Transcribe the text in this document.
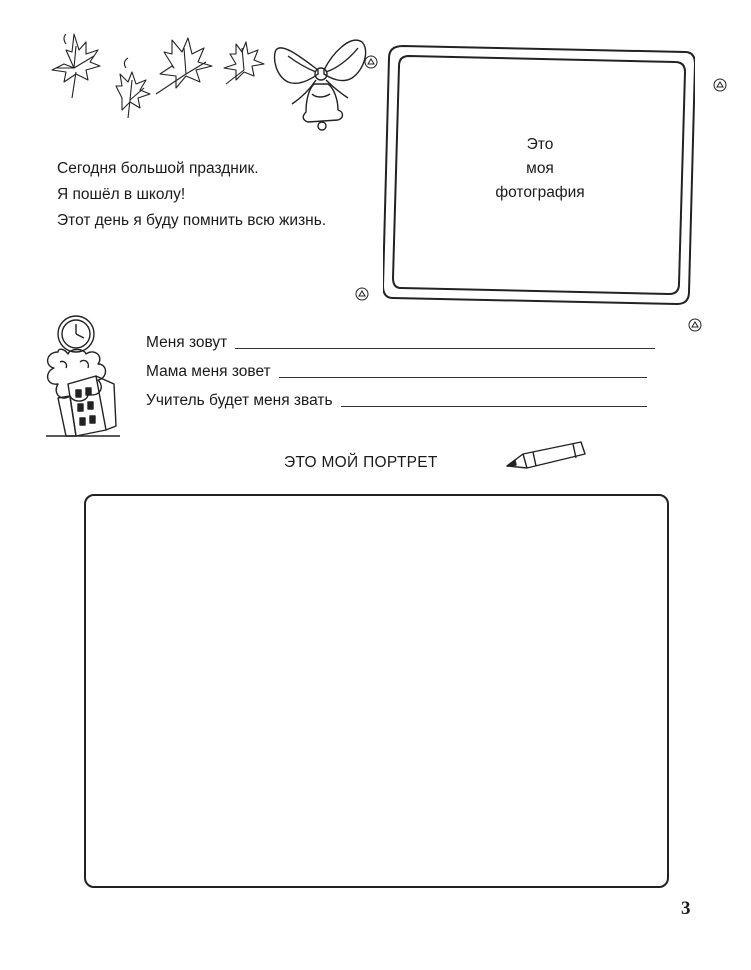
Сегодня большой праздник.
Я пошёл в школу!
Этот день я буду помнить всю жизнь.
Это
моя
фотография
Меня зовут
Мама меня зовет
Учитель будет меня звать
ЭТО МОЙ ПОРТРЕТ
3
